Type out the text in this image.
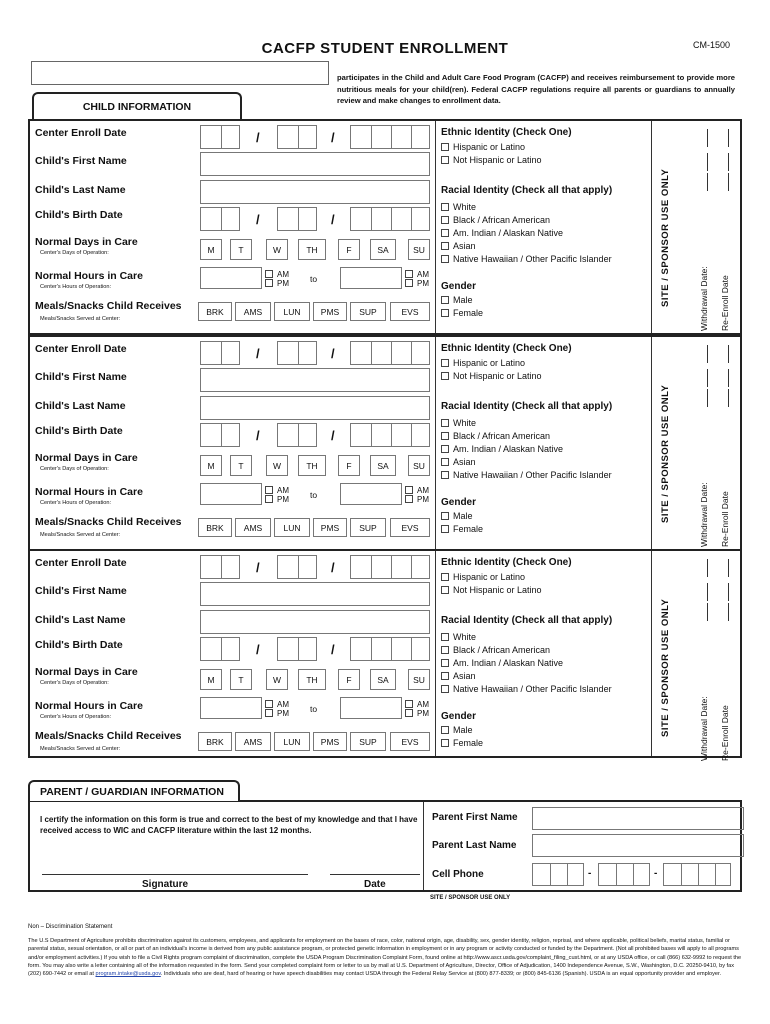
CACFP STUDENT ENROLLMENT	CM-1500
participates in the Child and Adult Care Food Program (CACFP) and receives reimbursement to provide more nutritious meals for your child(ren). Federal CACFP regulations require all parents or guardians to annually review and make changes to enrollment data.
Center Enroll Date	/	/
Child's First Name
Child's Last Name
Child's Birth Date	/	/
Normal Days in Care
Center's Days of Operation:	M	T	W	TH	F	SA	SU
Normal Hours in Care
Center's Hours of Operation:
AM
PM to	AM
PM
Meals/Snacks Child Receives
Meals/Snacks Served at Center:
BRK	AMS	LUN	PMS	SUP	EVS
Ethnic Identity (Check One)
Hispanic or Latino
Not Hispanic or Latino
Racial Identity (Check all that apply)
White
Black / African American
Am. Indian / Alaskan Native
Asian
Native Hawaiian / Other Pacific Islander
Gender
Male
Female
SITE / SPONSOR USE ONLY	Withdrawal Date: Re-Enroll Date
Center Enroll Date	/	/
Child's First Name
Child's Last Name
Child's Birth Date	/	/
Normal Days in Care
Center's Days of Operation:	M	T	W	TH	F	SA	SU
Normal Hours in Care
Center's Hours of Operation:
AM
PM to	AM
PM
Meals/Snacks Child Receives
Meals/Snacks Served at Center:
BRK	AMS	LUN	PMS	SUP	EVS
Ethnic Identity (Check One)
Hispanic or Latino
Not Hispanic or Latino
Racial Identity (Check all that apply)
White
Black / African American
Am. Indian / Alaskan Native
Asian
Native Hawaiian / Other Pacific Islander
Gender
Male
Female
SITE / SPONSOR USE ONLY	Withdrawal Date: Re-Enroll Date
Center Enroll Date	/	/
Child's First Name
Child's Last Name
Child's Birth Date	/	/
Normal Days in Care
Center's Days of Operation:	M	T	W	TH	F	SA	SU
Normal Hours in Care
Center's Hours of Operation:
AM
PM to	AM
PM
Meals/Snacks Child Receives
Meals/Snacks Served at Center:
BRK	AMS	LUN	PMS	SUP	EVS
Ethnic Identity (Check One)
Hispanic or Latino
Not Hispanic or Latino
Racial Identity (Check all that apply)
White
Black / African American
Am. Indian / Alaskan Native
Asian
Native Hawaiian / Other Pacific Islander
Gender
Male
Female
SITE / SPONSOR USE ONLY	Withdrawal Date: Re-Enroll Date
CHILD INFORMATION
I certify the information on this form is true and correct to the best of my knowledge and that I have received access to WIC and CACFP literature within the last 12 months.
Signature	Date
Parent First Name
Parent Last Name
Cell Phone	-	-
PARENT / GUARDIAN INFORMATION
SITE / SPONSOR USE ONLY
Non – Discrimination Statement
The U.S Department of Agriculture prohibits discrimination against its customers, employees, and applicants for employment on the bases of race, color, national origin, age, disability, sex, gender identity, religion, reprisal, and where applicable, political beliefs, marital status, familial or parental status, sexual orientation, or all or part of an individual's income is derived from any public assistance program, or protected genetic information in employment or in any program or activity conducted or funded by the Department. (Not all prohibited bases will apply to all programs and/or employment activities.) If you wish to file a Civil Rights program complaint of discrimination, complete the USDA Program Discrimination Complaint Form, found online at http://www.ascr.usda.gov/complaint_filing_cust.html, or at any USDA office, or call (866) 632-9992 to request the form. You may also write a letter containing all of the information requested in the form. Send your completed complaint form or letter to us by mail at U.S. Department of Agriculture, Director, Office of Adjudication, 1400 Independence Avenue, S.W., Washington, D.C. 20250-9410, by fax (202) 690-7442 or email at program.intake@usda.gov. Individuals who are deaf, hard of hearing or have speech disabilities may contact USDA through the Federal Relay Service at (800) 877-8339; or (800) 845-6136 (Spanish). USDA is an equal opportunity provider and employer.
